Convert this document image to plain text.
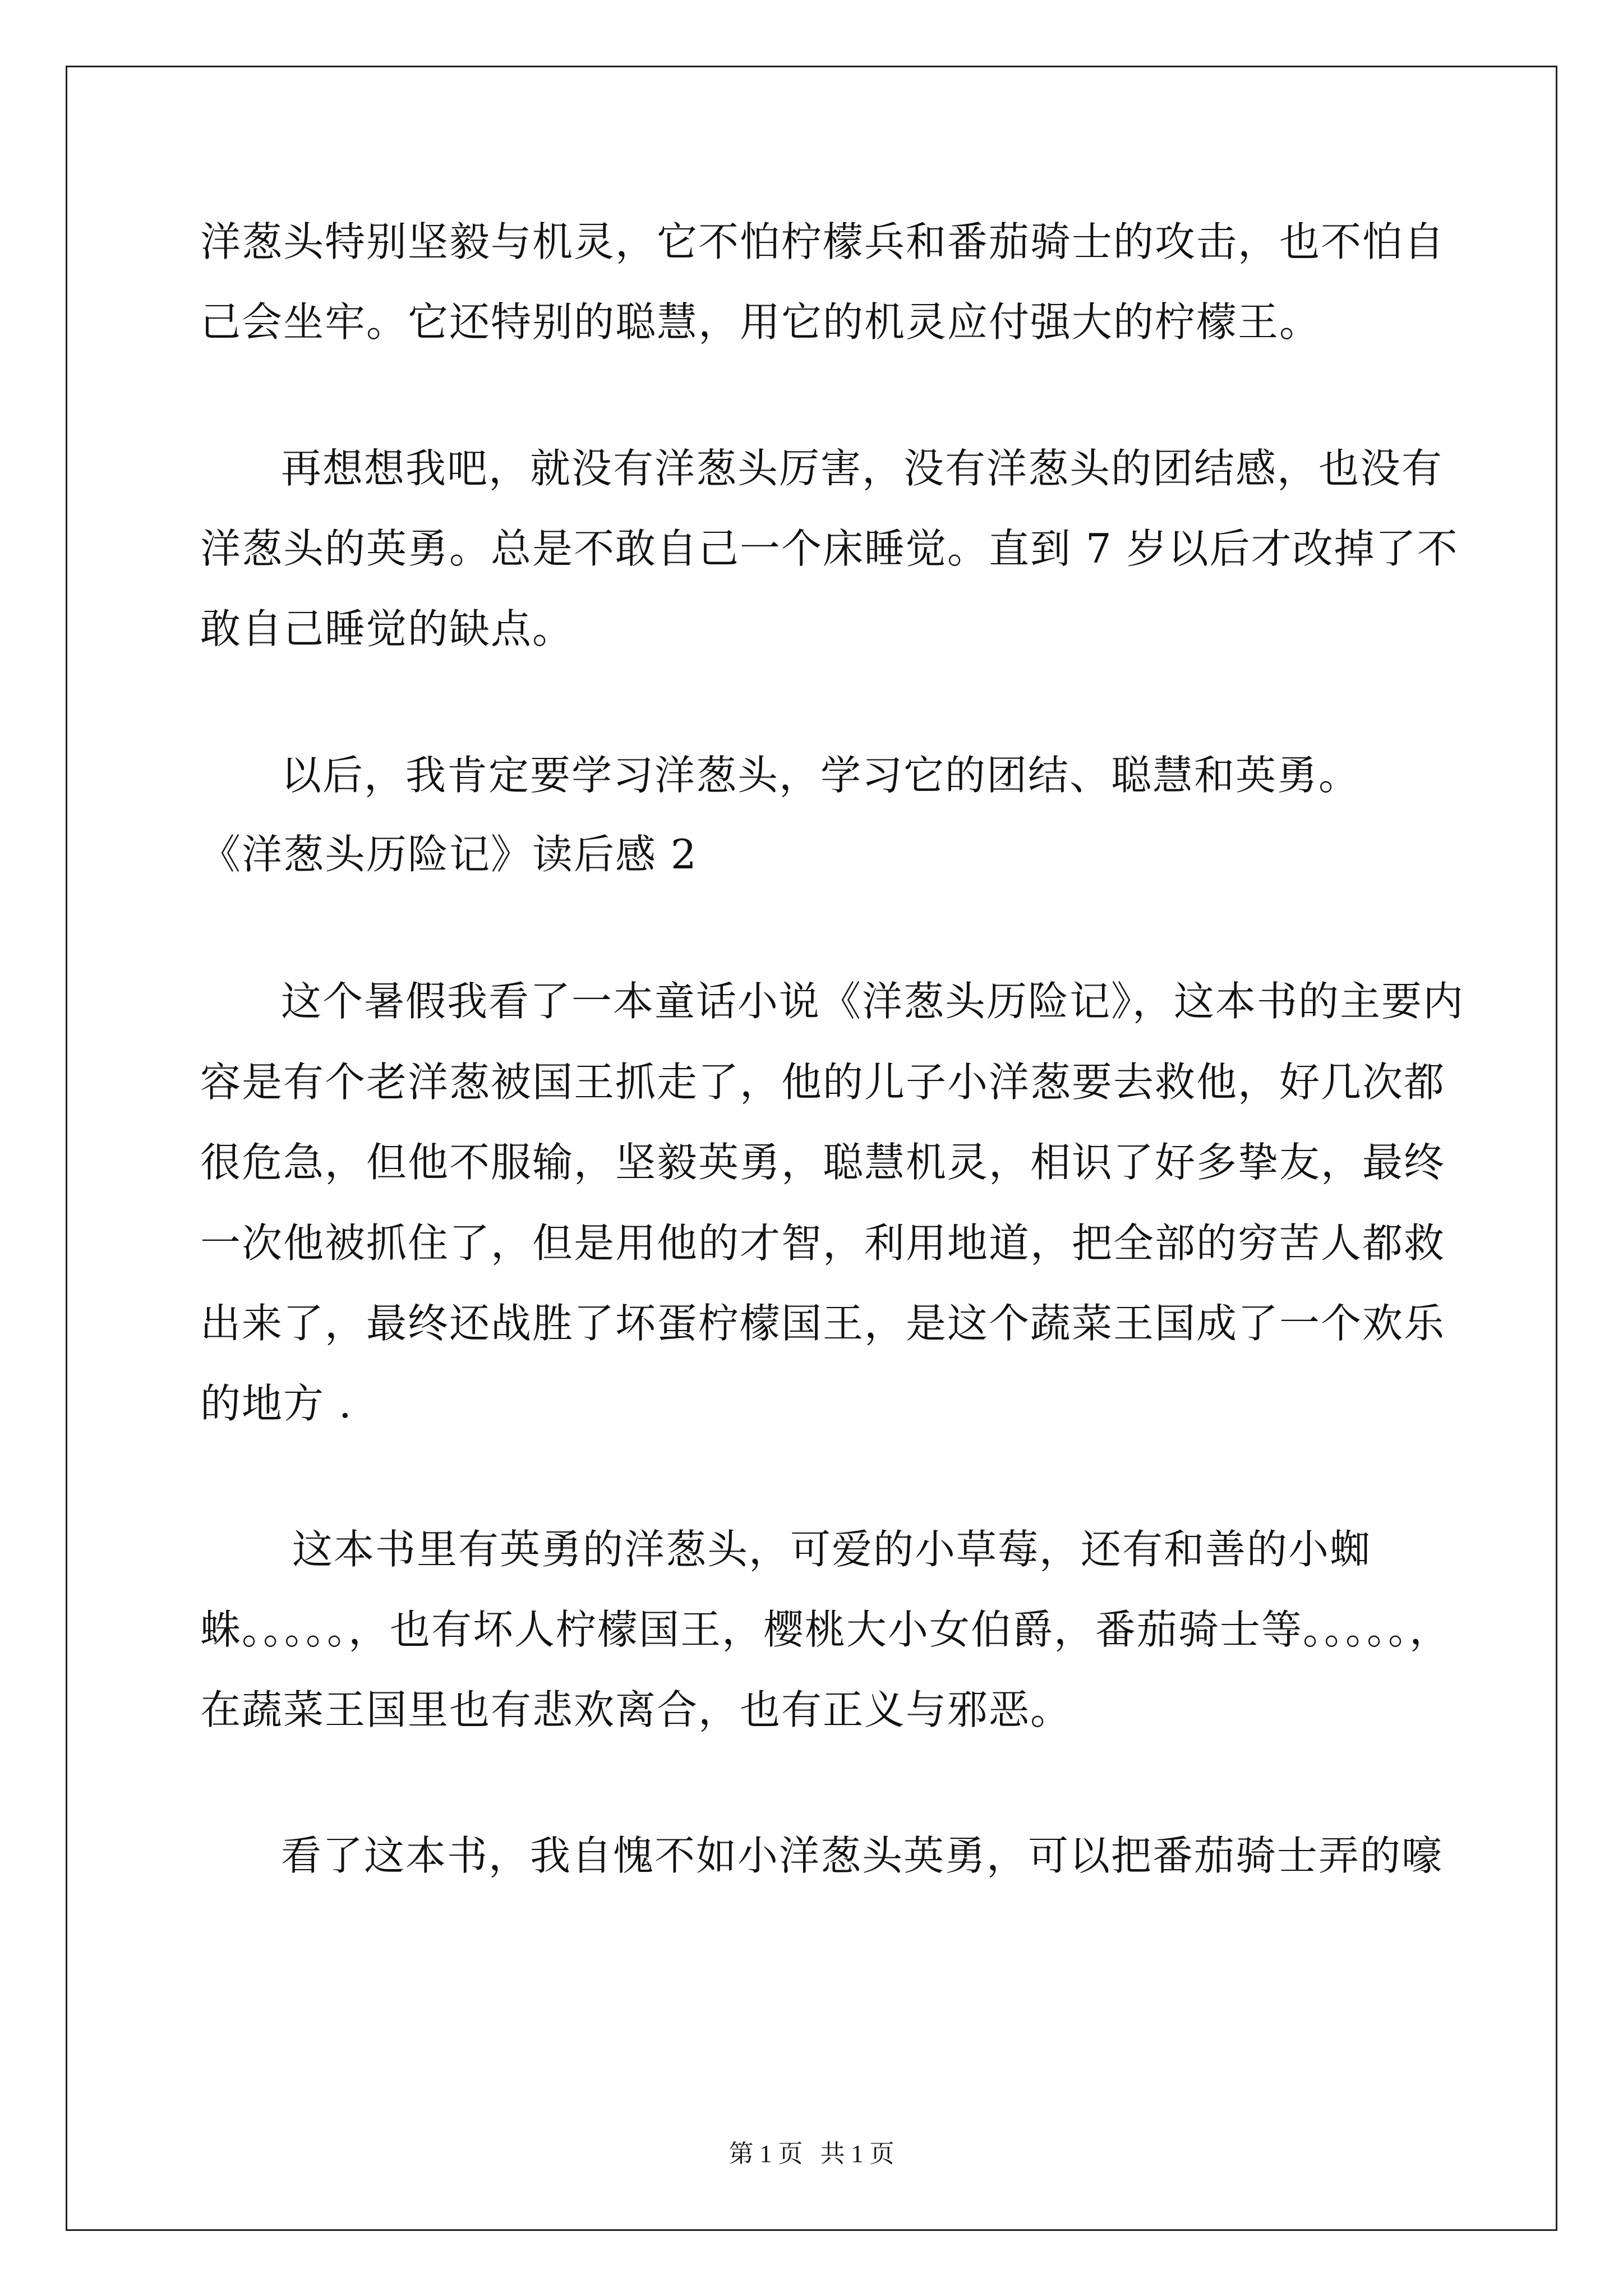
洋葱头特别坚毅与机灵，它不怕柠檬兵和番茄骑士的攻击，也不怕自
己会坐牢。它还特别的聪慧，用它的机灵应付强大的柠檬王。
再想想我吧，就没有洋葱头厉害，没有洋葱头的团结感，也没有
洋葱头的英勇。总是不敢自己一个床睡觉。直到 7 岁以后才改掉了不
敢自己睡觉的缺点。
以后，我肯定要学习洋葱头，学习它的团结、聪慧和英勇。
《洋葱头历险记》读后感 2
这个暑假我看了一本童话小说《洋葱头历险记》，这本书的主要内
容是有个老洋葱被国王抓走了，他的儿子小洋葱要去救他，好几次都
很危急，但他不服输，坚毅英勇，聪慧机灵，相识了好多挚友，最终
一次他被抓住了，但是用他的才智，利用地道，把全部的穷苦人都救
出来了，最终还战胜了坏蛋柠檬国王，是这个蔬菜王国成了一个欢乐
的地方 .
这本书里有英勇的洋葱头，可爱的小草莓，还有和善的小蜘
蛛。。。。。，也有坏人柠檬国王，樱桃大小女伯爵，番茄骑士等。。。。。，
在蔬菜王国里也有悲欢离合，也有正义与邪恶。
看了这本书，我自愧不如小洋葱头英勇，可以把番茄骑士弄的嚎
第 1 页 共 1 页
